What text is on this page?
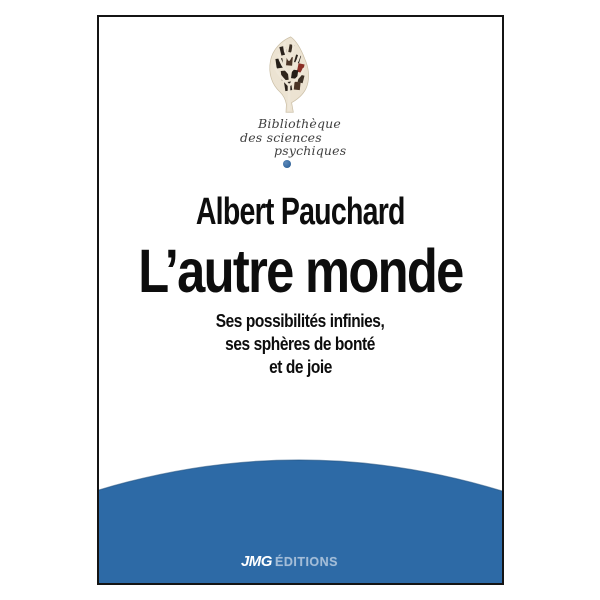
Bibliothèque
des sciences
psychiques
Albert Pauchard
L’autre monde
Ses possibilités infinies,
ses sphères de bonté
et de joie
JMG ÉDITIONS
